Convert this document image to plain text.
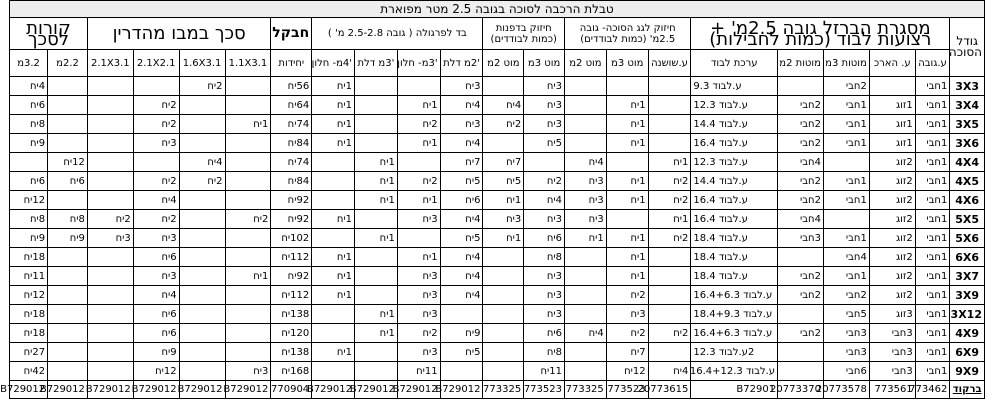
טבלת הרכבה לסוכה בגובה 2.5 מטר מפוארת																					
גודל הסוכה	מסגרת הברזל גובה 2.5מ' + רצועות לבוד (כמות לחבילות)					חיזוק לגג הסוכה- גובה 2.5מ' (כמות לבודדים)			חיזוק בדפנות (כמות לבודדים)		בד לפרגולה ( גובה 2.5-2.8 מ' )				חבקל	סכך במבו מהדרין				קורות לסכך	
	ע.גובה	ע. הארכ	מוטות 3מ	מוטות 2מ	ערכת לבוד	ע.שושנה	מוט 3מ	מוט 2מ	מוט 3מ	מוט 2מ	'2מ דלת	'3מ- חלון	'3מ דלת	'4מ- חלון	יחידות	1.1X3.1	1.6X3.1	2.1X2.1	2.1X3.1	2.2מ	3.2מ
3X3	1חבי		2חבי		ע.לבוד 9.3				3יח		3יח			1יח	56יח		2יח				4יח
3X4	1חבי	1זוג	1חבי	2חבי	ע.לבוד 12.3		1יח		3יח	4יח	4יח	1יח		1יח	64יח			2יח			6יח
3X5	1חבי	1זוג	1חבי	2חבי	ע.לבוד 14.4		1יח		3יח	2יח	3יח	2יח		1יח	74יח	1יח		2יח			8יח
3X6	1חבי	1זוג	1חבי	2חבי	ע.לבוד 16.4		1יח		5יח		4יח	1יח		1יח	84יח			3יח			9יח
4X4	1חבי	2זוג		4חבי	ע.לבוד 12.3	1יח		4יח		7יח	7יח		1יח		74יח		4יח			12יח	
4X5	1חבי	2זוג	1חבי	2חבי	ע.לבוד 14.4	2יח	1יח	3יח	2יח	5יח	5יח	2יח	1יח		84יח		2יח	2יח		6יח	6יח
4X6	1חבי	2זוג	1חבי	2חבי	ע.לבוד 16.4	2יח	1יח	3יח	4יח	1יח	6יח	1יח	1יח		92יח			4יח			12יח
5X5	1חבי	2זוג		4חבי	ע.לבוד 16.4	1יח		3יח	3יח	3יח	4יח	3יח		1יח	92יח	2יח		2יח	2יח	8יח	8יח
5X6	1חבי	2זוג	1חבי	3חבי	ע.לבוד 18.4	2יח	1יח	1יח	6יח	1יח	5יח		1יח		102יח			3יח	3יח	9יח	9יח
6X6	1חבי	2זוג	4חבי		ע.לבוד 18.4		1יח		8יח		4יח	1יח		1יח	112יח			6יח			18יח
3X7	1חבי	2זוג	1חבי	2חבי	ע.לבוד 18.4		1יח		3יח		4יח	3יח		1יח	92יח	1יח		3יח			11יח
3X9	1חבי	2זוג	2חבי	2חבי	ע.לבוד 16.4+6.3		2יח		3יח		4יח	3יח		1יח	112יח			4יח			12יח
3X12	1חבי	3זוג	5חבי		ע.לבוד 18.4+9.3		3יח		3יח			3יח	1יח		138יח			6יח			18יח
4X9	1חבי	3חבי	3חבי	2חבי	ע.לבוד 16.4+6.3	2יח	2יח	4יח	6יח		9יח	2יח	1יח		120יח			6יח			18יח
6X9	1חבי	3חבי	3חבי		2ע.לבוד 12.3		7יח		8יח		5יח	3יח		1יח	138יח			9יח			27יח
9X9	1חבי	3חבי	6חבי		ע.לבוד 16.4+12.3	4יח	12יח		11יח			11יח			168יח	3יח		12יח			42יח
ברקוד	773462	773561	20773578	20773370	B72901	20773615	773523	773325	773523	773325	B729012	B729012	B729012	B729012	770904	B729012	B729012	B729012	B729012	B729012	B729012
